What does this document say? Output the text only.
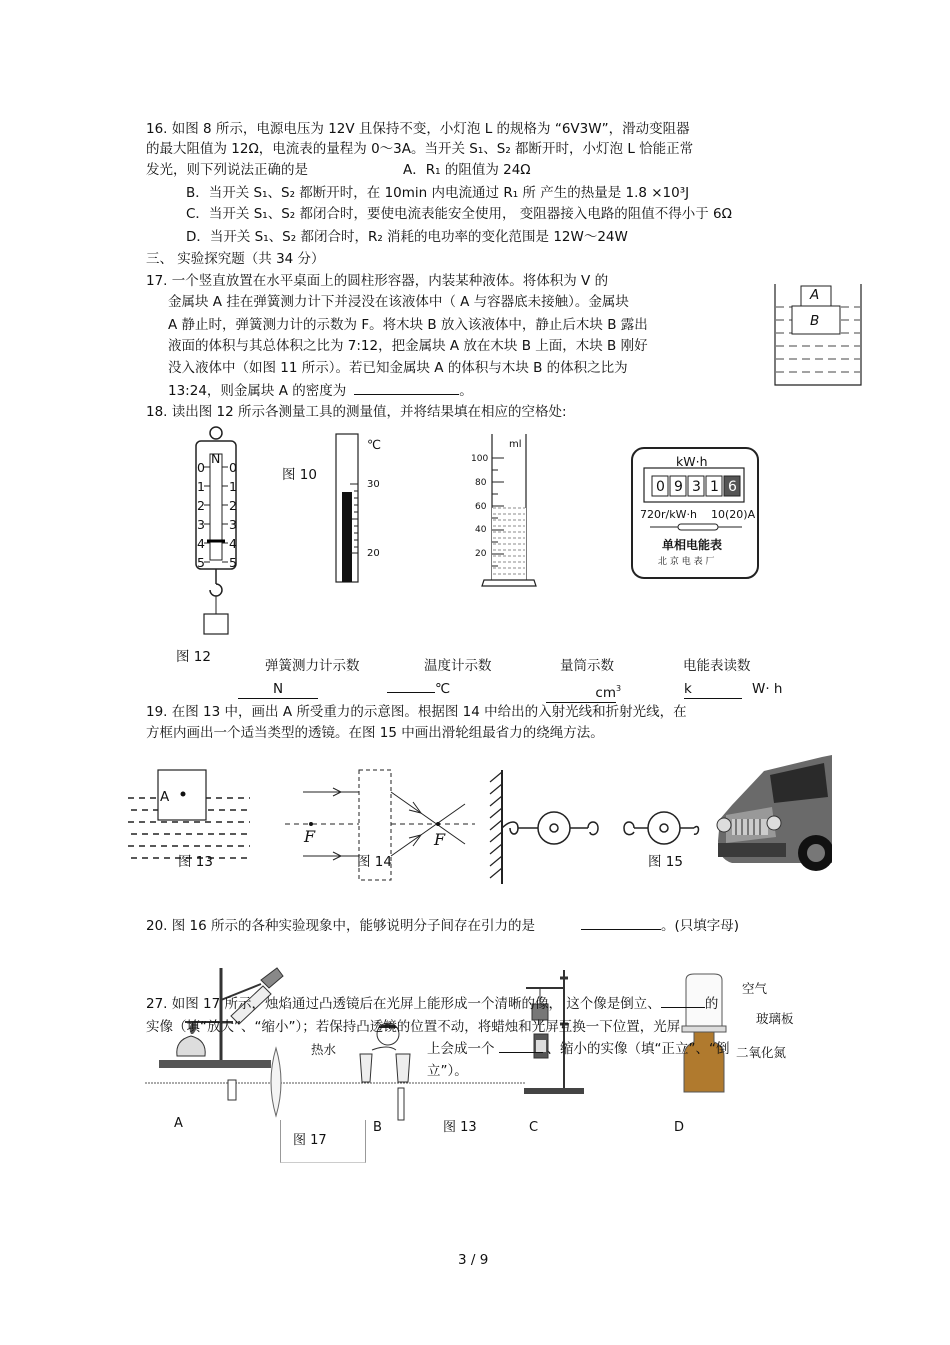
16. 如图 8 所示，电源电压为 12V 且保持不变，小灯泡 L 的规格为 “6V3W”，滑动变阻器
的最大阻值为 12Ω，电流表的量程为 0～3A。当开关 S₁、S₂ 都断开时，小灯泡 L 恰能正常
发光，则下列说法正确的是	A．R₁ 的阻值为 24Ω
B．当开关 S₁、S₂ 都断开时，在 10min 内电流通过 R₁ 所 产生的热量是 1.8 ×10³J
C．当开关 S₁、S₂ 都闭合时，要使电流表能安全使用， 变阻器接入电路的阻值不得小于 6Ω
D．当开关 S₁、S₂ 都闭合时，R₂ 消耗的电功率的变化范围是 12W～24W
三、 实验探究题（共 34 分）
17. 一个竖直放置在水平桌面上的圆柱形容器，内装某种液体。将体积为 V 的
金属块 A 挂在弹簧测力计下并浸没在该液体中（ A 与容器底未接触）。金属块
A 静止时，弹簧测力计的示数为 F。将木块 B 放入该液体中，静止后木块 B 露出
液面的体积与其总体积之比为 7:12，把金属块 A 放在木块 B 上面，木块 B 刚好
没入液体中（如图 11 所示）。若已知金属块 A 的体积与木块 B 的体积之比为
13:24，则金属块 A 的密度为	。
A
B
18. 读出图 12 所示各测量工具的测量值，并将结果填在相应的空格处:
N
0
1
2
3
4
5
0
1
2
3
4
5
图 10
℃
30
20
ml
100
80
60
40
20
kW·h
0 9 3 1 6
720r/kW·h 10(20)A
单相电能表
北 京 电 表 厂
图 12
弹簧测力计示数	温度计示数	量筒示数	电能表读数
N	℃	$cm^3$	k	W· h
19. 在图 13 中，画出 A 所受重力的示意图。根据图 14 中给出的入射光线和折射光线，在
方框内画出一个适当类型的透镜。在图 15 中画出滑轮组最省力的绕绳方法。
A
图 13
F	F
图 14	图 15
20. 图 16 所示的各种实验现象中，能够说明分子间存在引力的是	。(只填字母)
热水
空气
玻璃板
二氧化氮
27. 如图 17 所示，烛焰通过凸透镜后在光屏上能形成一个清晰的像， 这个像是倒立、	的
实像（填“放大”、“缩小”）；若保持凸透镜的位置不动，将蜡烛和光屏互换一下位置，光屏
上会成一个	、缩小的实像（填“正立”、“倒
立”）。
A	B	图 13	C	D
图 17
3 / 9
